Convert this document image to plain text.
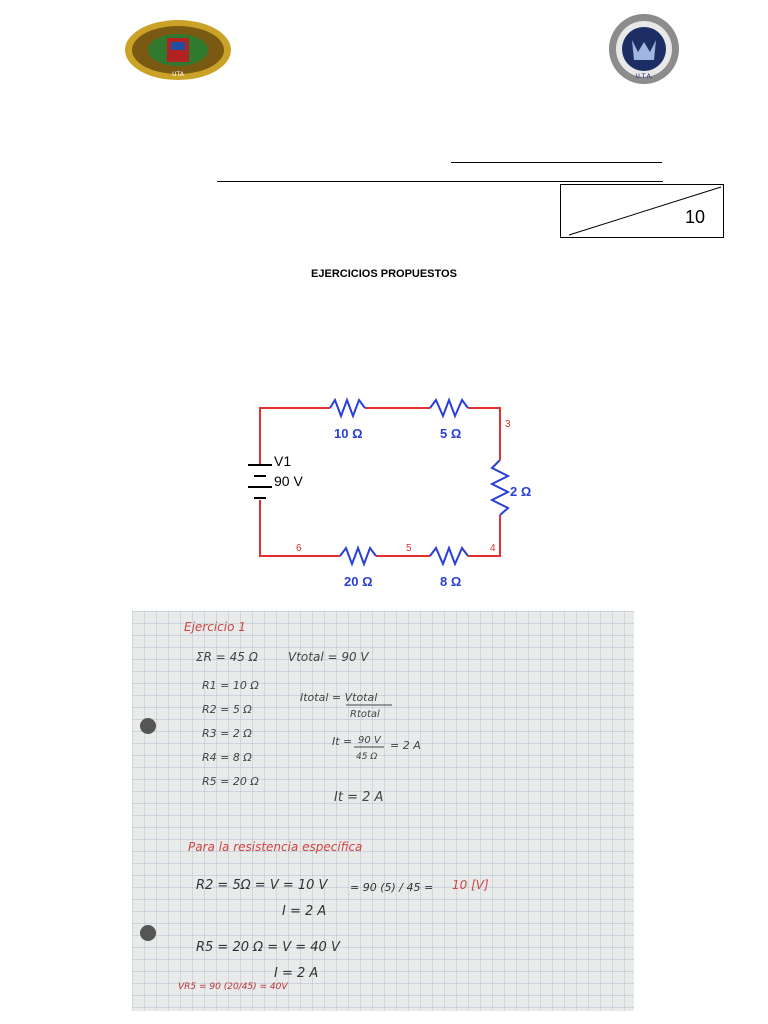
UTA	U.T.A.
10
EJERCICIOS PROPUESTOS
10 Ω	5 Ω
2 Ω
20 Ω	8 Ω
V1
90 V
3
4
5
6
Ejercicio 1
ΣR = 45 Ω	Vtotal = 90 V
R1 = 10 Ω
R2 = 5 Ω
R3 = 2 Ω
R4 = 8 Ω
R5 = 20 Ω
Itotal = Vtotal
Rtotal
It = 90 V
45 Ω
= 2 A
It = 2 A
Para la resistencia específica
R2 = 5Ω = V = 10 V = 90 (5) / 45 = 10 [V]
I = 2 A
R5 = 20 Ω = V = 40 V
I = 2 A
VR5 = 90 (20/45) = 40V
